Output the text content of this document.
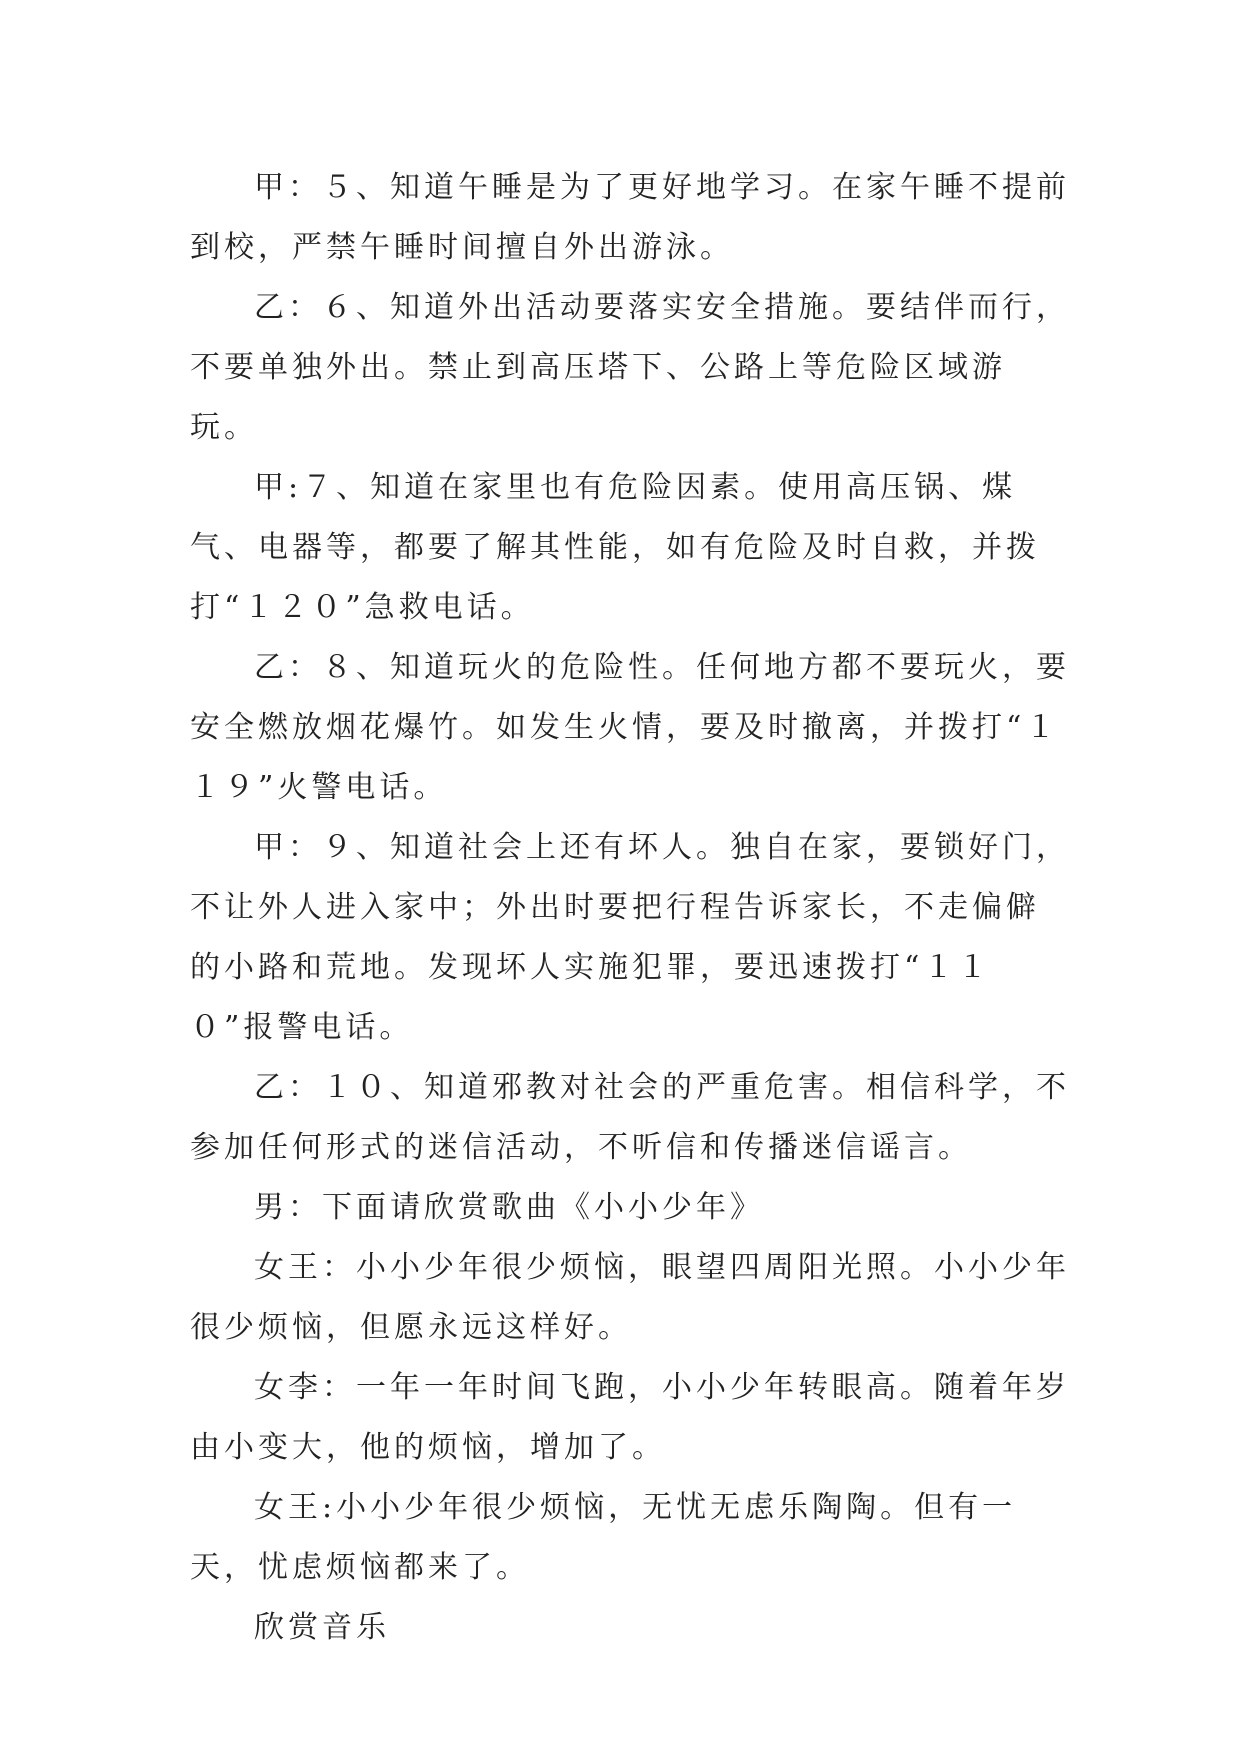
甲：５、知道午睡是为了更好地学习。在家午睡不提前到校，严禁午睡时间擅自外出游泳。

乙：６、知道外出活动要落实安全措施。要结伴而行，不要单独外出。禁止到高压塔下、公路上等危险区域游玩。

甲:７、知道在家里也有危险因素。使用高压锅、煤气、电器等，都要了解其性能，如有危险及时自救，并拨打“１２０”急救电话。

乙：８、知道玩火的危险性。任何地方都不要玩火，要安全燃放烟花爆竹。如发生火情，要及时撤离，并拨打“１１９”火警电话。

甲：９、知道社会上还有坏人。独自在家，要锁好门，不让外人进入家中；外出时要把行程告诉家长，不走偏僻的小路和荒地。发现坏人实施犯罪，要迅速拨打“１１０”报警电话。

乙：１０、知道邪教对社会的严重危害。相信科学，不参加任何形式的迷信活动，不听信和传播迷信谣言。

男：下面请欣赏歌曲《小小少年》

女王：小小少年很少烦恼，眼望四周阳光照。小小少年很少烦恼，但愿永远这样好。

女李：一年一年时间飞跑，小小少年转眼高。随着年岁由小变大，他的烦恼，增加了。

女王:小小少年很少烦恼，无忧无虑乐陶陶。但有一天，忧虑烦恼都来了。

欣赏音乐
